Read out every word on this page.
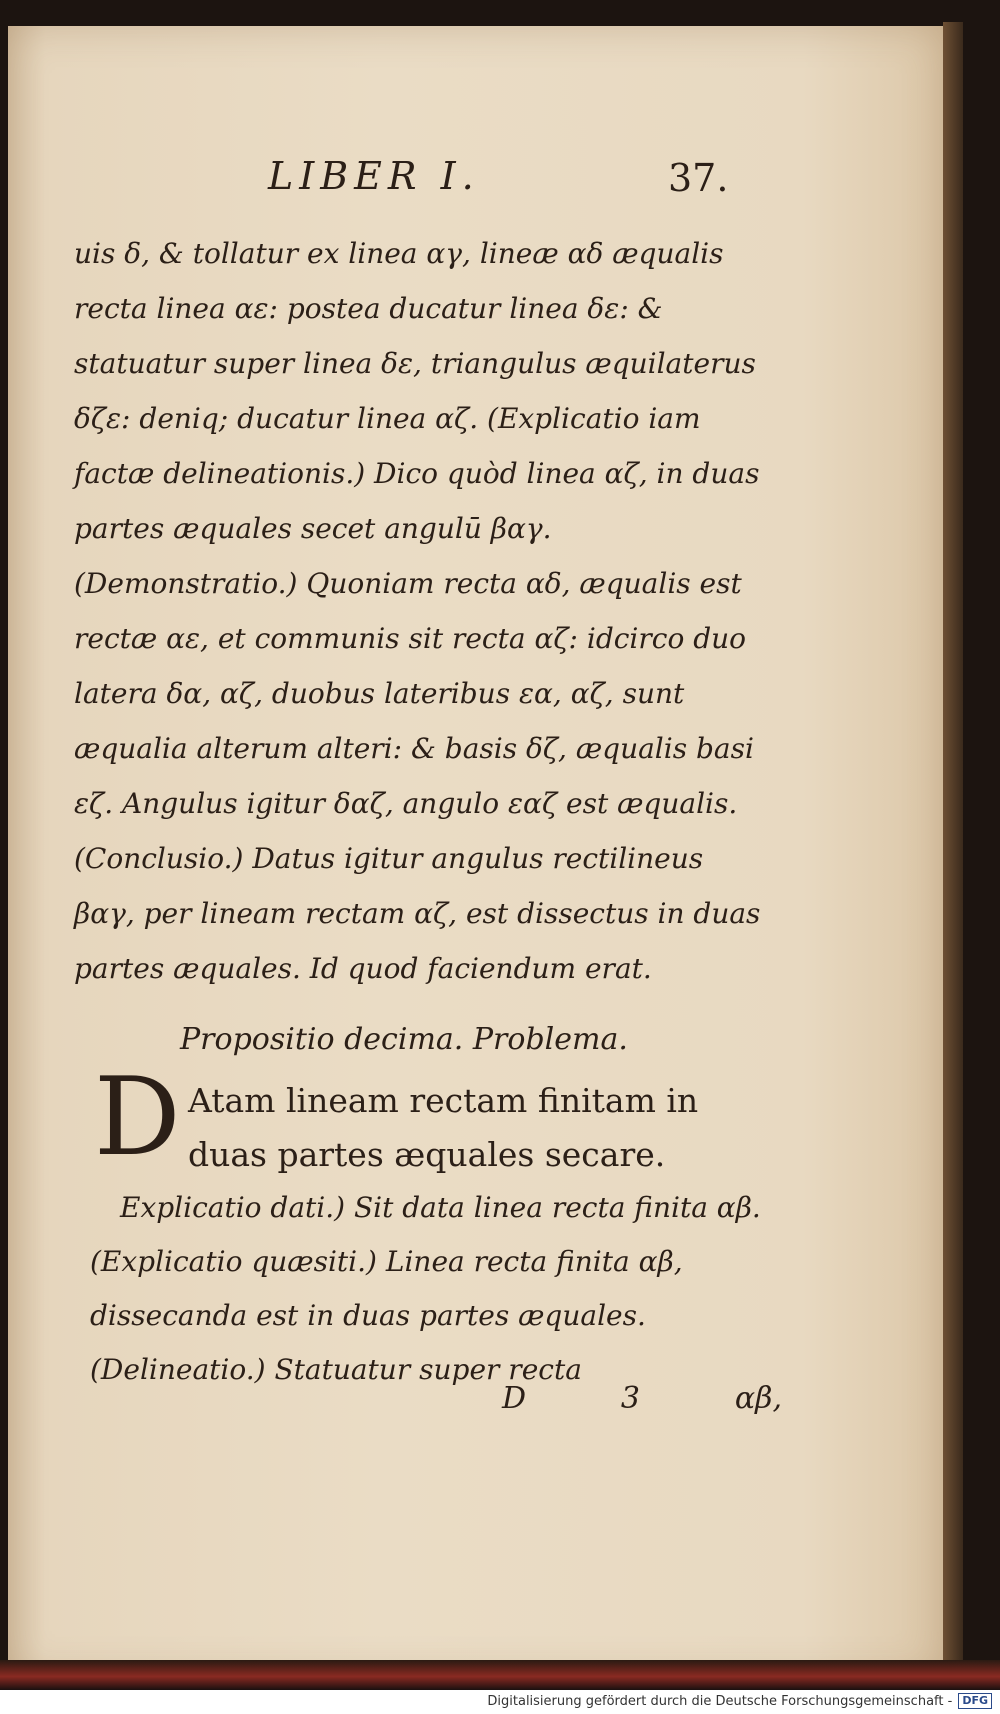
LIBER I.	37.

uis δ, & tollatur ex linea αγ, lineæ αδ æqualis recta linea αε: postea ducatur linea δε: & statuatur super linea δε, triangulus æquilaterus δζε: deniq; ducatur linea αζ. (Explicatio iam factæ delineationis.) Dico quòd linea αζ, in duas partes æquales secet angulū βαγ. (Demonstratio.) Quoniam recta αδ, æqualis est rectæ αε, et communis sit recta αζ: idcirco duo latera δα, αζ, duobus lateribus εα, αζ, sunt æqualia alterum alteri: & basis δζ, æqualis basi εζ. Angulus igitur δαζ, angulo εαζ est æqualis. (Conclusio.) Datus igitur angulus rectilineus βαγ, per lineam rectam αζ, est dissectus in duas partes æquales. Id quod faciendum erat.

Propositio decima. Problema.
D Atam lineam rectam finitam in duas partes æquales secare.
Explicatio dati.) Sit data linea recta finita αβ. (Explicatio quæsiti.) Linea recta finita αβ, dissecanda est in duas partes æquales. (Delineatio.) Statuatur super recta
D	3	αβ,
Digitalisierung gefördert durch die Deutsche Forschungsgemeinschaft - DFG
